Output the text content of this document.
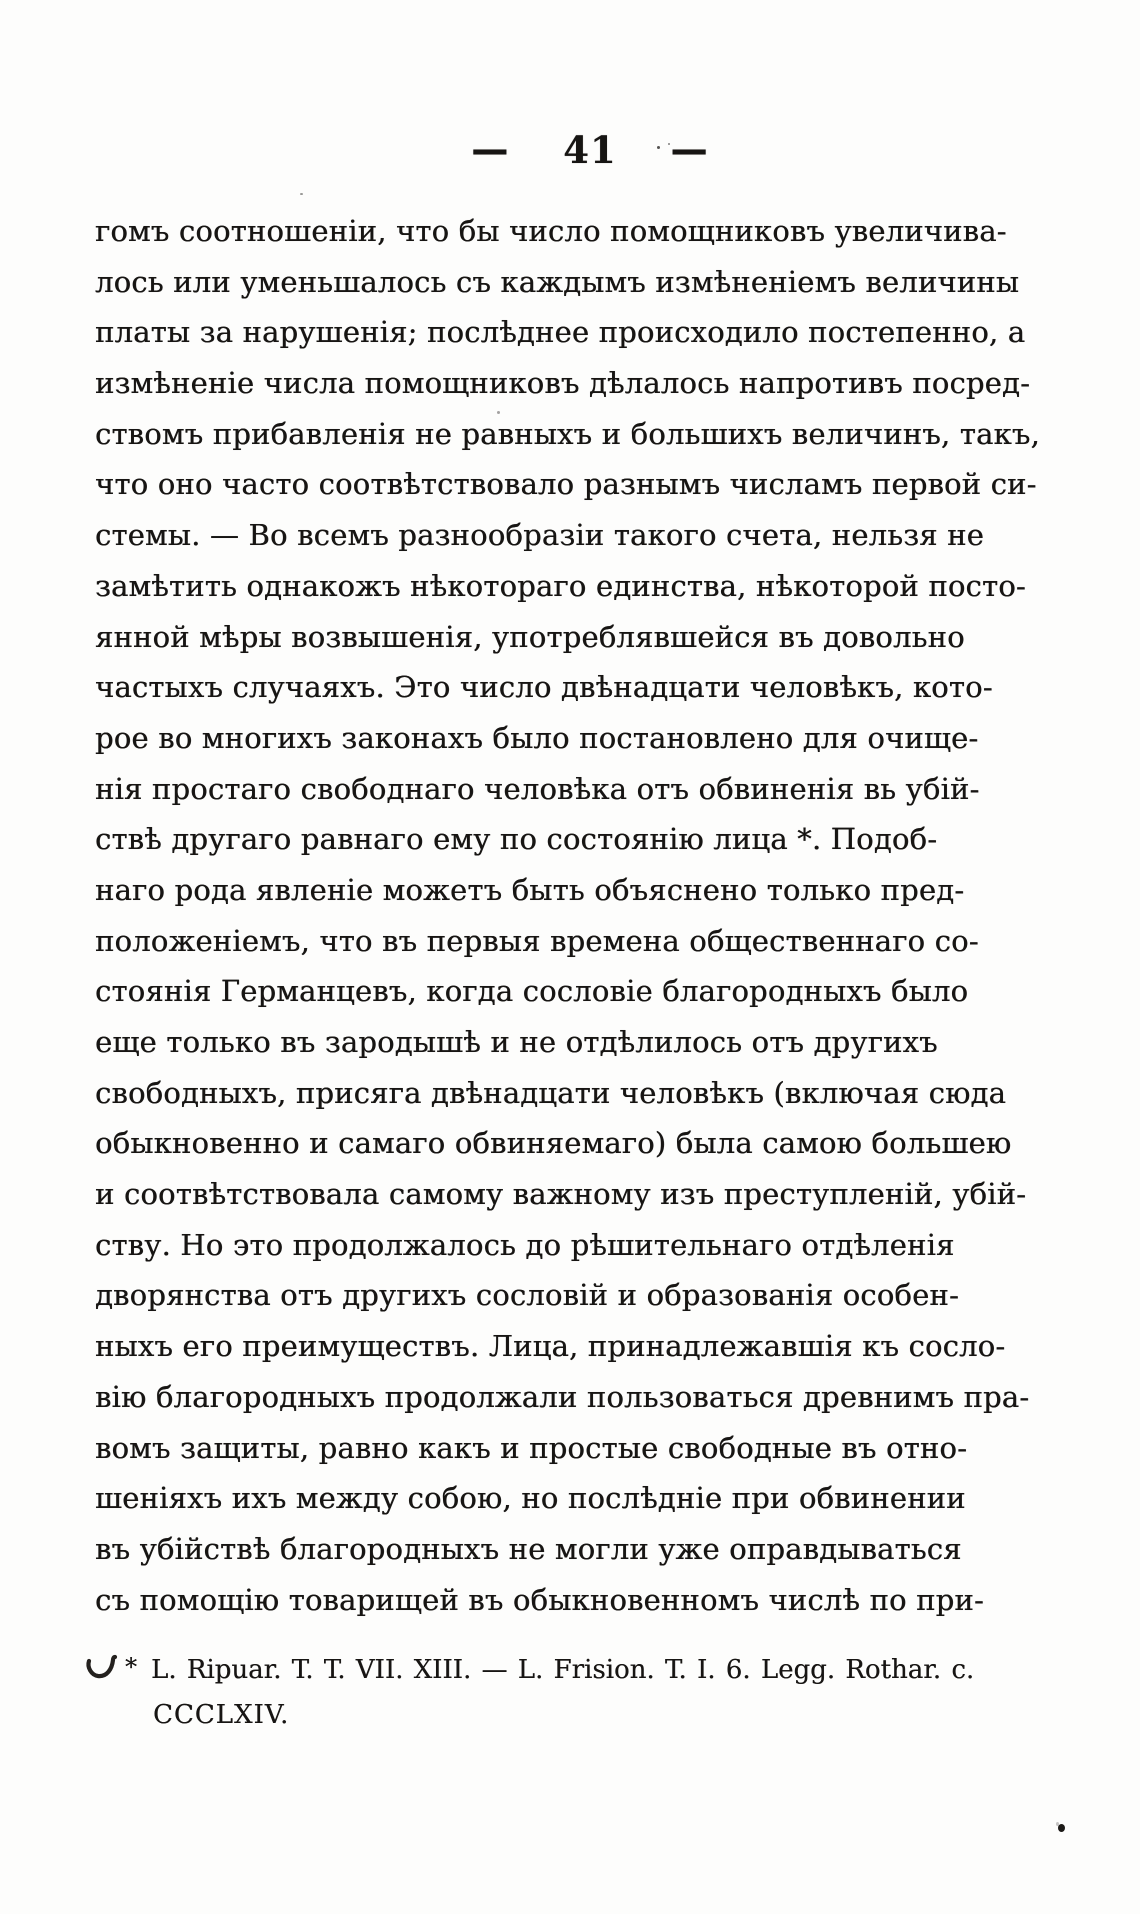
— 41 —
гомъ соотношеніи, что бы число помощниковъ увеличива-
лось или уменьшалось съ каждымъ измѣненіемъ величины
платы за нарушенія; послѣднее происходило постепенно, а
измѣненіе числа помощниковъ дѣлалось напротивъ посред-
ствомъ прибавленія не равныхъ и большихъ величинъ, такъ,
что оно часто соотвѣтствовало разнымъ числамъ первой си-
стемы. — Во всемъ разнообразіи такого счета, нельзя не
замѣтить однакожъ нѣкотораго единства, нѣкоторой посто-
янной мѣры возвышенія, употреблявшейся въ довольно
частыхъ случаяхъ. Это число двѣнадцати человѣкъ, кото-
рое во многихъ законахъ было постановлено для очище-
нія простаго свободнаго человѣка отъ обвиненія вь убій-
ствѣ другаго равнаго ему по состоянію лица *. Подоб-
наго рода явленіе можетъ быть объяснено только пред-
положеніемъ, что въ первыя времена общественнаго со-
стоянія Германцевъ, когда сословіе благородныхъ было
еще только въ зародышѣ и не отдѣлилось отъ другихъ
свободныхъ, присяга двѣнадцати человѣкъ (включая сюда
обыкновенно и самаго обвиняемаго) была самою большею
и соотвѣтствовала самому важному изъ преступленій, убій-
ству. Но это продолжалось до рѣшительнаго отдѣленія
дворянства отъ другихъ сословій и образованія особен-
ныхъ его преимуществъ. Лица, принадлежавшія къ сосло-
вію благородныхъ продолжали пользоваться древнимъ пра-
вомъ защиты, равно какъ и простые свободные въ отно-
шеніяхъ ихъ между собою, но послѣдніе при обвинении
въ убійствѣ благородныхъ не могли уже оправдываться
съ помощію товарищей въ обыкновенномъ числѣ по при-
* L. Ripuar. T. T. VII. XIII. — L. Frision. T. I. 6. Legg. Rothar. c.
CCCLXIV.
